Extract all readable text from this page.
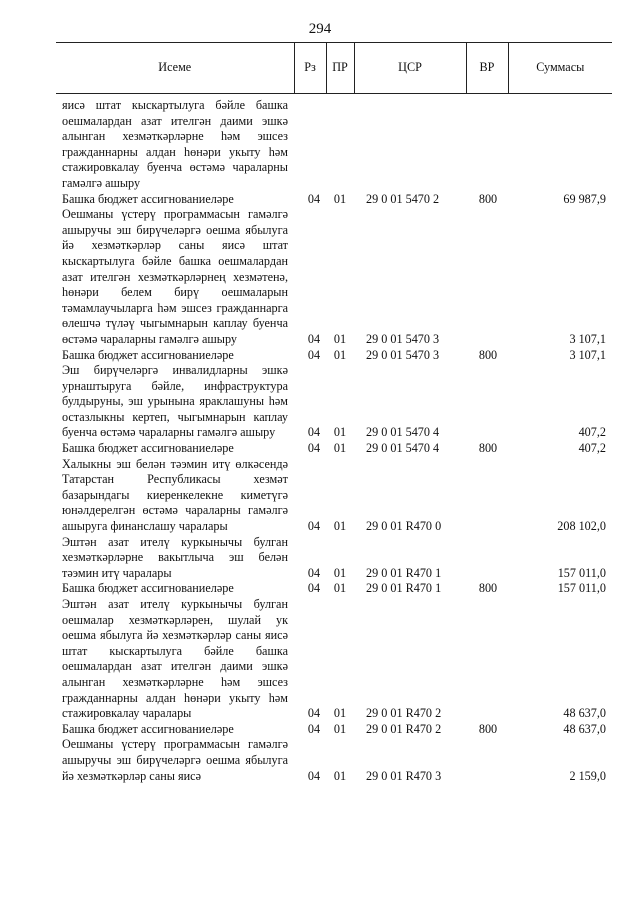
294
Исеме	Рз	ПР	ЦСР	ВР	Суммасы
яисә штат кыскартылуга бәйле башка оешмалардан азат ителгән даими эшкә алынган хезмәткәрләрне һәм эшсез гражданнарны алдан һөнәри укыту һәм стажировкалау буенча өстәмә чараларны гамәлгә ашыру					
Башка бюджет ассигнованиеләре	04	01	29 0 01 5470 2	800	69 987,9
Оешманы үстерү программасын гамәлгә ашыручы эш бирүчеләргә оешма ябылуга йә хезмәткәрләр саны яисә штат кыскартылуга бәйле башка оешмалардан азат ителгән хезмәткәрләрнең хезмәтенә, һөнәри белем бирү оешмаларын тәмамлаучыларга һәм эшсез гражданнарга өлешчә түләү чыгымнарын каплау буенча өстәмә чараларны гамәлгә ашыру	04	01	29 0 01 5470 3		3 107,1
Башка бюджет ассигнованиеләре	04	01	29 0 01 5470 3	800	3 107,1
Эш бирүчеләргә инвалидларны эшкә урнаштыруга бәйле, инфраструктура булдыруны, эш урынына яраклашуны һәм остазлыкны кертеп, чыгымнарын каплау буенча өстәмә чараларны гамәлгә ашыру	04	01	29 0 01 5470 4		407,2
Башка бюджет ассигнованиеләре	04	01	29 0 01 5470 4	800	407,2
Халыкны эш белән тәэмин итү өлкәсендә Татарстан Республикасы хезмәт базарындагы киеренкелекне киметүгә юнәлдерелгән өстәмә чараларны гамәлгә ашыруга финанслашу чаралары	04	01	29 0 01 R470 0		208 102,0
Эштән азат ителү куркынычы булган хезмәткәрләрне вакытлыча эш белән тәэмин итү чаралары	04	01	29 0 01 R470 1		157 011,0
Башка бюджет ассигнованиеләре	04	01	29 0 01 R470 1	800	157 011,0
Эштән азат ителү куркынычы булган оешмалар хезмәткәрләрен, шулай ук оешма ябылуга йә хезмәткәрләр саны яисә штат кыскартылуга бәйле башка оешмалардан азат ителгән даими эшкә алынган хезмәткәрләрне һәм эшсез гражданнарны алдан һөнәри укыту һәм стажировкалау чаралары	04	01	29 0 01 R470 2		48 637,0
Башка бюджет ассигнованиеләре	04	01	29 0 01 R470 2	800	48 637,0
Оешманы үстерү программасын гамәлгә ашыручы эш бирүчеләргә оешма ябылуга йә хезмәткәрләр саны яисә	04	01	29 0 01 R470 3		2 159,0
